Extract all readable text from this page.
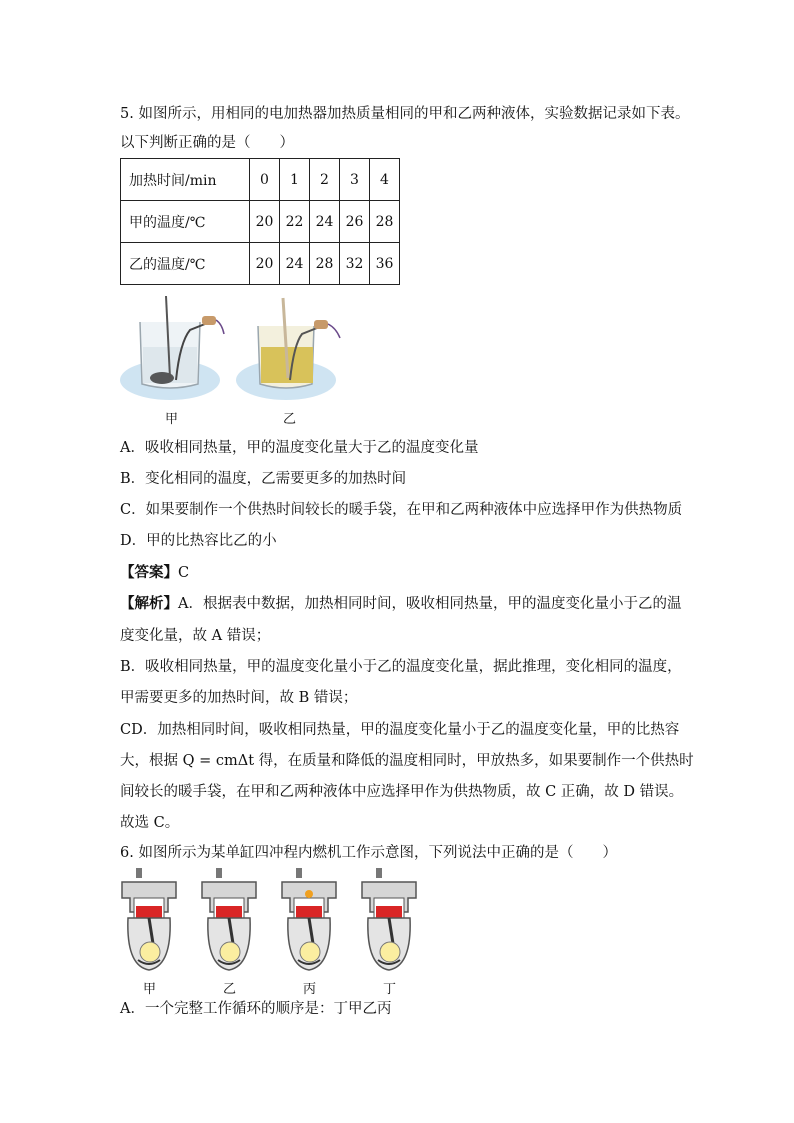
5. 如图所示，用相同的电加热器加热质量相同的甲和乙两种液体，实验数据记录如下表。
以下判断正确的是（　　）
加热时间/min	0	1	2	3	4
甲的温度/℃	20	22	24	26	28
乙的温度/℃	20	24	28	32	36
甲	乙
A．吸收相同热量，甲的温度变化量大于乙的温度变化量
B．变化相同的温度，乙需要更多的加热时间
C．如果要制作一个供热时间较长的暖手袋，在甲和乙两种液体中应选择甲作为供热物质
D．甲的比热容比乙的小
【答案】C
【解析】A．根据表中数据，加热相同时间，吸收相同热量，甲的温度变化量小于乙的温
度变化量，故 A 错误；
B．吸收相同热量，甲的温度变化量小于乙的温度变化量，据此推理，变化相同的温度，
甲需要更多的加热时间，故 B 错误；
CD．加热相同时间，吸收相同热量，甲的温度变化量小于乙的温度变化量，甲的比热容
大，根据 Q = cmΔt 得，在质量和降低的温度相同时，甲放热多，如果要制作一个供热时
间较长的暖手袋，在甲和乙两种液体中应选择甲作为供热物质，故 C 正确，故 D 错误。
故选 C。
6. 如图所示为某单缸四冲程内燃机工作示意图，下列说法中正确的是（　　）
甲	乙	丙	丁
A．一个完整工作循环的顺序是：丁甲乙丙
